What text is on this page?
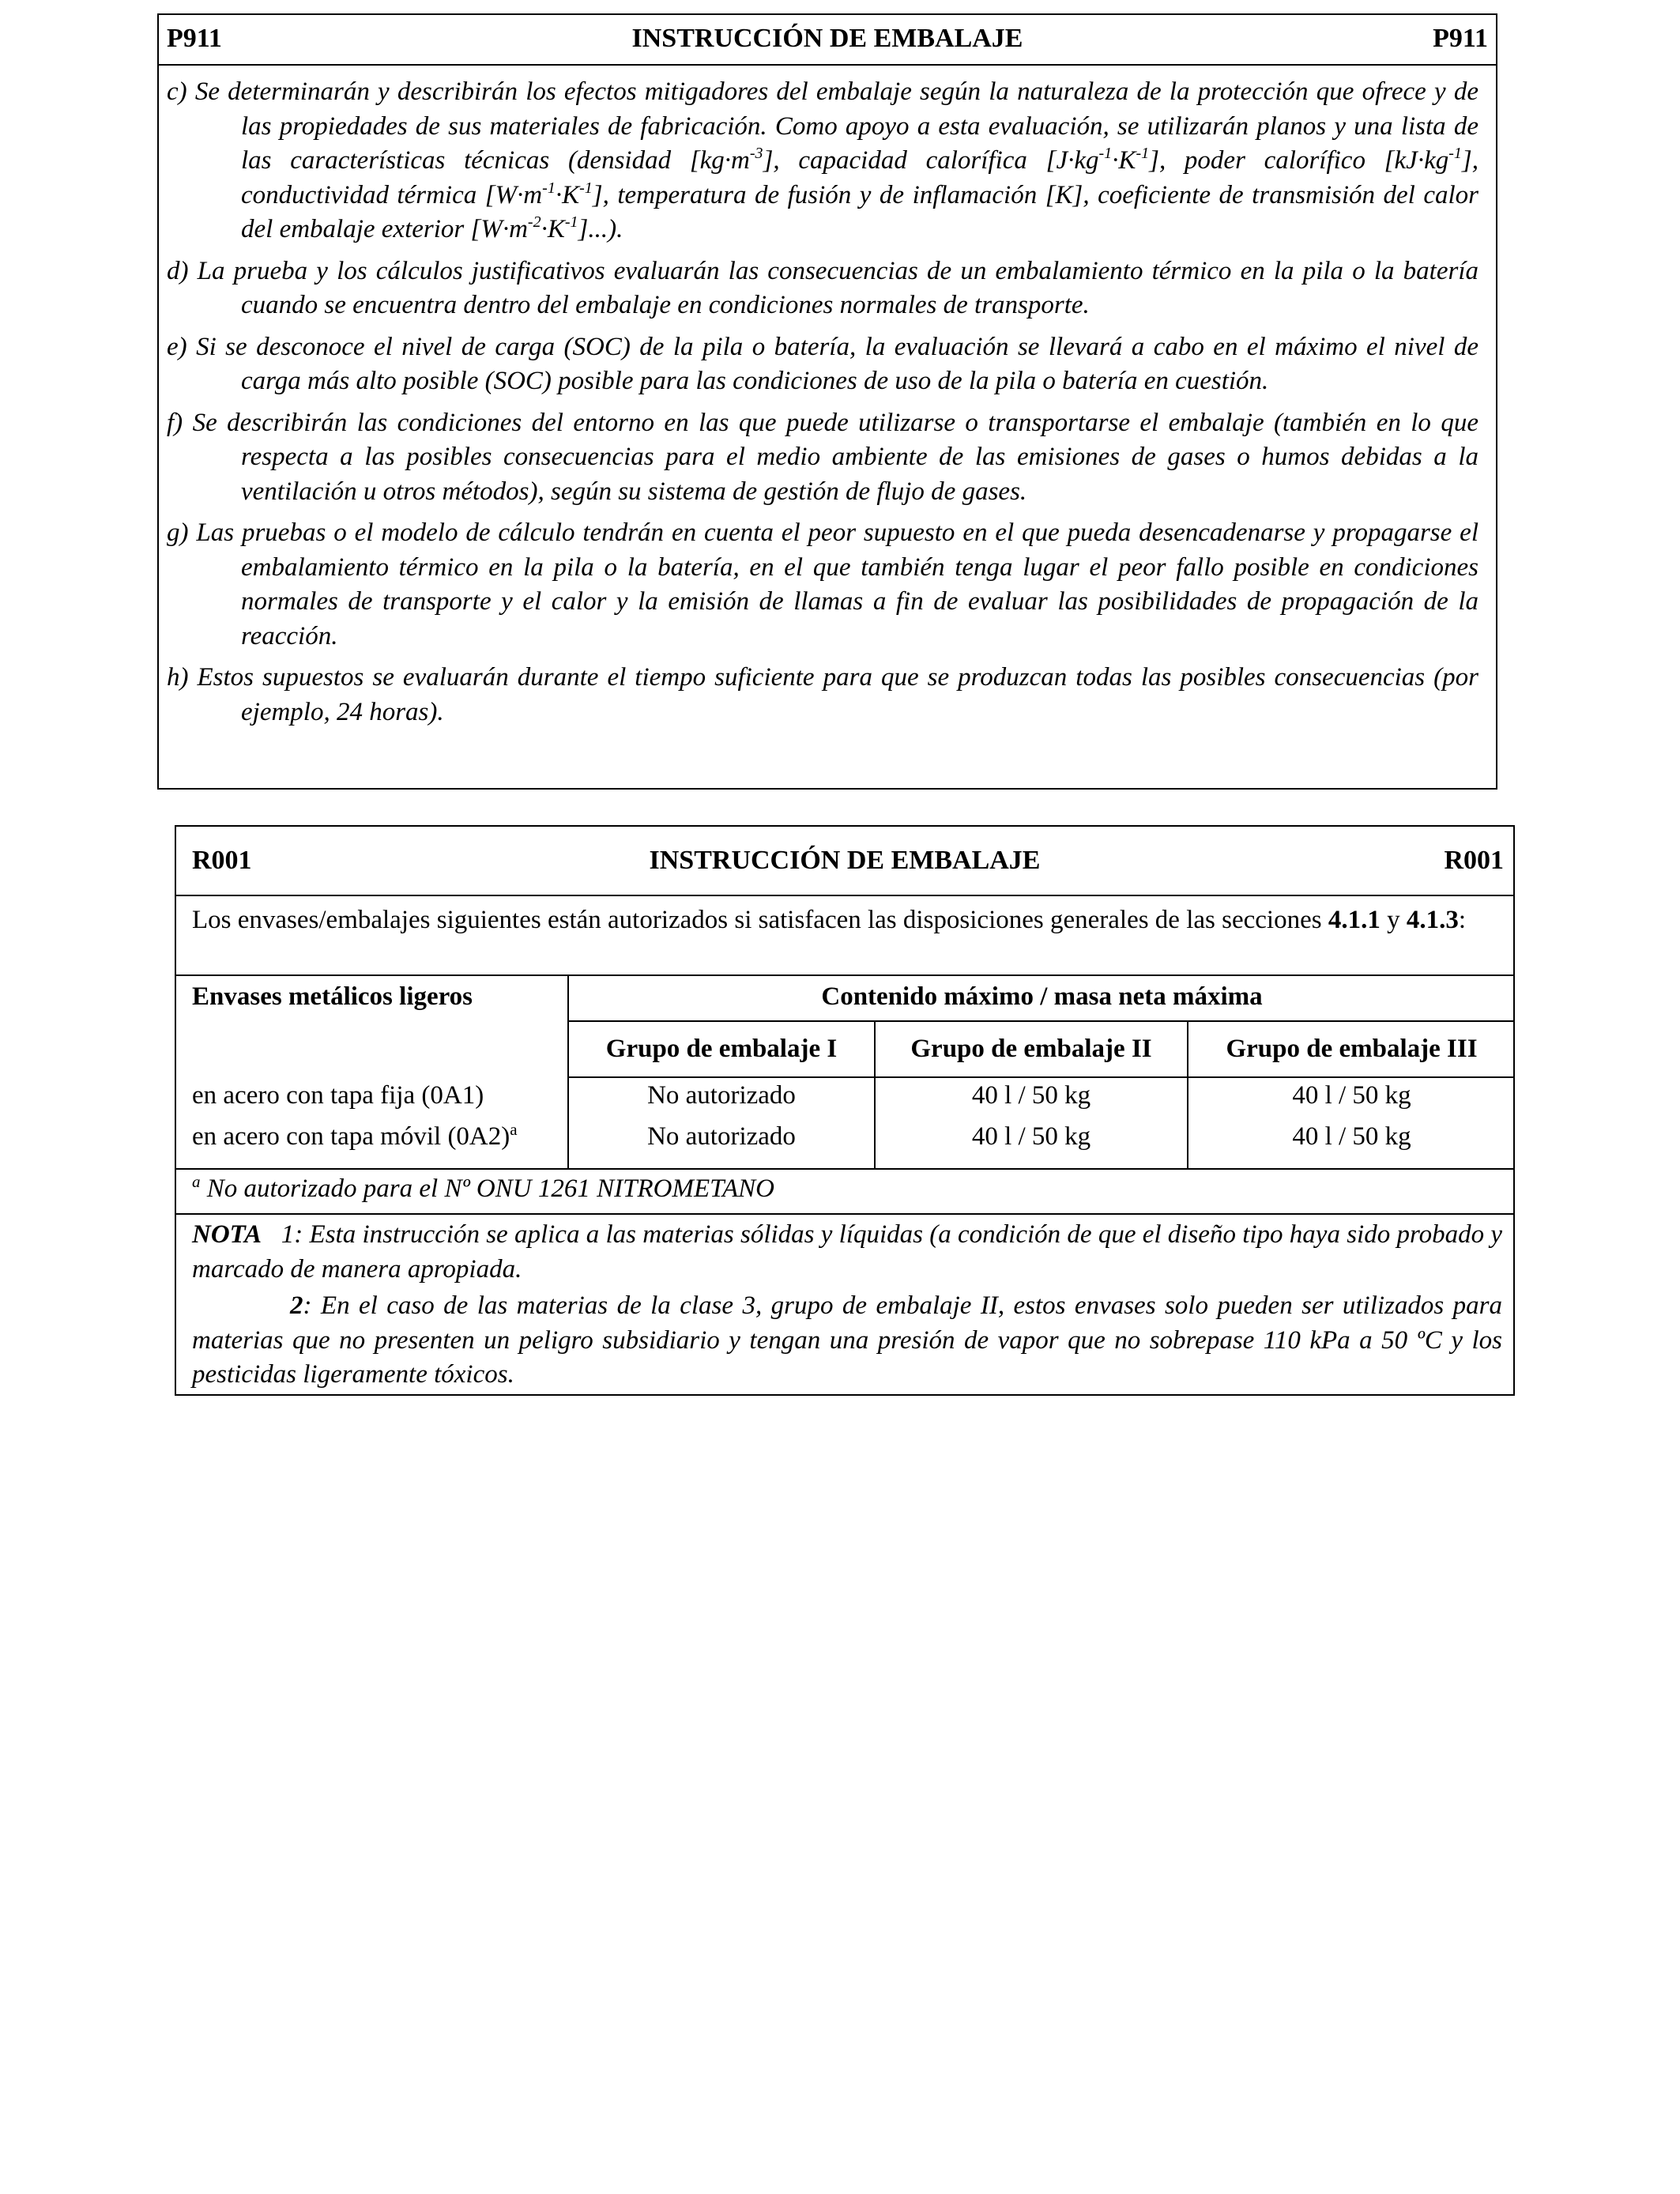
P911	INSTRUCCIÓN DE EMBALAJE	P911
c) Se determinarán y describirán los efectos mitigadores del embalaje según la naturaleza de la protección que ofrece y de las propiedades de sus materiales de fabricación. Como apoyo a esta evaluación, se utilizarán planos y una lista de las características técnicas (densidad $[kg\cdot m^{-3}]$, capacidad calorífica $[J\cdot kg^{-1}\cdot K^{-1}]$, poder calorífico $[kJ\cdot kg^{-1}]$, conductividad térmica $[W\cdot m^{-1}\cdot K^{-1}]$, temperatura de fusión y de inflamación [K], coeficiente de transmisión del calor del embalaje exterior $[W\cdot m^{-2}\cdot K^{-1}]$...).
d) La prueba y los cálculos justificativos evaluarán las consecuencias de un embalamiento térmico en la pila o la batería cuando se encuentra dentro del embalaje en condiciones normales de transporte.
e) Si se desconoce el nivel de carga (SOC) de la pila o batería, la evaluación se llevará a cabo en el máximo el nivel de carga más alto posible (SOC) posible para las condiciones de uso de la pila o batería en cuestión.
f) Se describirán las condiciones del entorno en las que puede utilizarse o transportarse el embalaje (también en lo que respecta a las posibles consecuencias para el medio ambiente de las emisiones de gases o humos debidas a la ventilación u otros métodos), según su sistema de gestión de flujo de gases.
g) Las pruebas o el modelo de cálculo tendrán en cuenta el peor supuesto en el que pueda desencadenarse y propagarse el embalamiento térmico en la pila o la batería, en el que también tenga lugar el peor fallo posible en condiciones normales de transporte y el calor y la emisión de llamas a fin de evaluar las posibilidades de propagación de la reacción.
h) Estos supuestos se evaluarán durante el tiempo suficiente para que se produzcan todas las posibles consecuencias (por ejemplo, 24 horas).
R001	INSTRUCCIÓN DE EMBALAJE	R001
Los envases/embalajes siguientes están autorizados si satisfacen las disposiciones generales de las secciones 4.1.1 y 4.1.3:
Envases metálicos ligeros	Contenido máximo / masa neta máxima
Grupo de embalaje I	Grupo de embalaje II	Grupo de embalaje III
en acero con tapa fija (0A1)	No autorizado	40 l / 50 kg	40 l / 50 kg
en acero con tapa móvil $(0A2)^a$	No autorizado	40 l / 50 kg	40 l / 50 kg
$^a$ No autorizado para el Nº ONU 1261 NITROMETANO
NOTA 1: Esta instrucción se aplica a las materias sólidas y líquidas (a condición de que el diseño tipo haya sido probado y marcado de manera apropiada.
2: En el caso de las materias de la clase 3, grupo de embalaje II, estos envases solo pueden ser utilizados para materias que no presenten un peligro subsidiario y tengan una presión de vapor que no sobrepase 110 kPa a 50 ºC y los pesticidas ligeramente tóxicos.
